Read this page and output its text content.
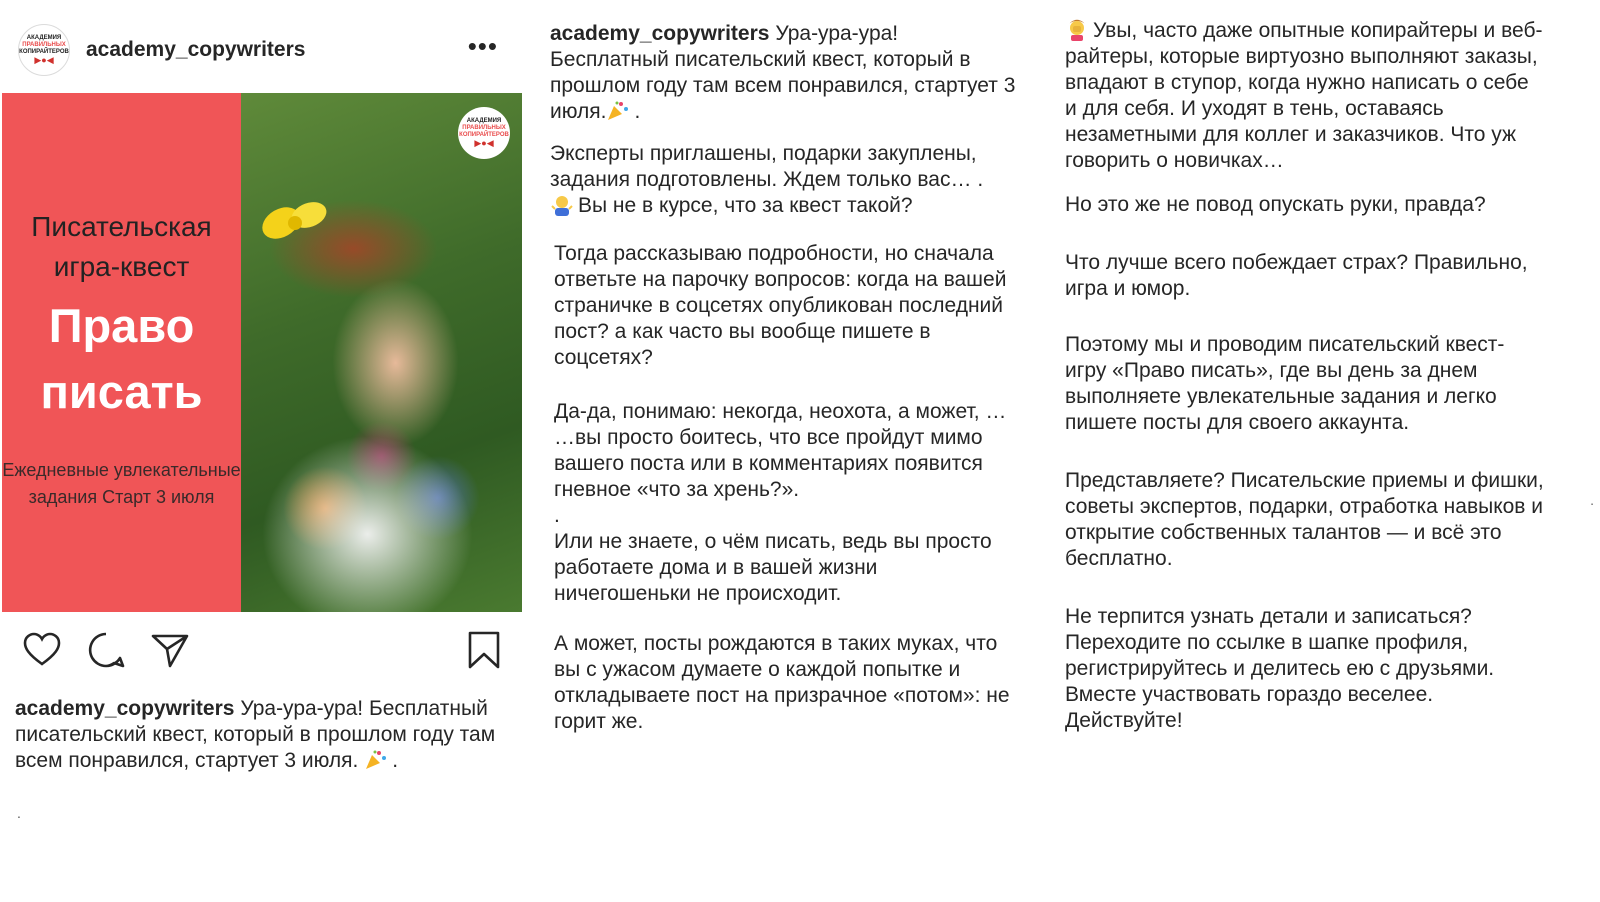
АКАДЕМИЯ
ПРАВИЛЬНЫХ
КОПИРАЙТЕРОВ
▶●◀ academy_copywriters	•••
Писательская игра-квест
Право писать
Ежедневные увлекательные задания Старт 3 июля
АКАДЕМИЯ
ПРАВИЛЬНЫХ КОПИРАЙТЕРОВ
▶●◀
academy_copywriters Ура-ура-ура! Бесплатный писательский квест, который в прошлом году там всем понравился, стартует 3 июля. .
.

academy_copywriters Ура-ура-ура!
Бесплатный писательский квест, который в прошлом году там всем понравился, стартует 3 июля. .

Эксперты приглашены, подарки закуплены, задания подготовлены. Ждем только вас… .

Вы не в курсе, что за квест такой?

Тогда рассказываю подробности, но сначала ответьте на парочку вопросов: когда на вашей страничке в соцсетях опубликован последний пост? а как часто вы вообще пишете в соцсетях?

Да-да, понимаю: некогда, неохота, а может, … …вы просто боитесь, что все пройдут мимо вашего поста или в комментариях появится гневное «что за хрень?».

.

Или не знаете, о чём писать, ведь вы просто работаете дома и в вашей жизни ничегошеньки не происходит.

А может, посты рождаются в таких муках, что вы с ужасом думаете о каждой попытке и откладываете пост на призрачное «потом»: не горит же.

Увы, часто даже опытные копирайтеры и веб-райтеры, которые виртуозно выполняют заказы, впадают в ступор, когда нужно написать о себе и для себя. И уходят в тень, оставаясь незаметными для коллег и заказчиков. Что уж говорить о новичках…

Но это же не повод опускать руки, правда?

Что лучше всего побеждает страх? Правильно, игра и юмор.

Поэтому мы и проводим писательский квест-игру «Право писать», где вы день за днем выполняете увлекательные задания и легко пишете посты для своего аккаунта.

Представляете? Писательские приемы и фишки, советы экспертов, подарки, отработка навыков и открытие собственных талантов — и всё это бесплатно.

Не терпится узнать детали и записаться? Переходите по ссылке в шапке профиля, регистрируйтесь и делитесь ею с друзьями. Вместе участвовать гораздо веселее. Действуйте!

.
